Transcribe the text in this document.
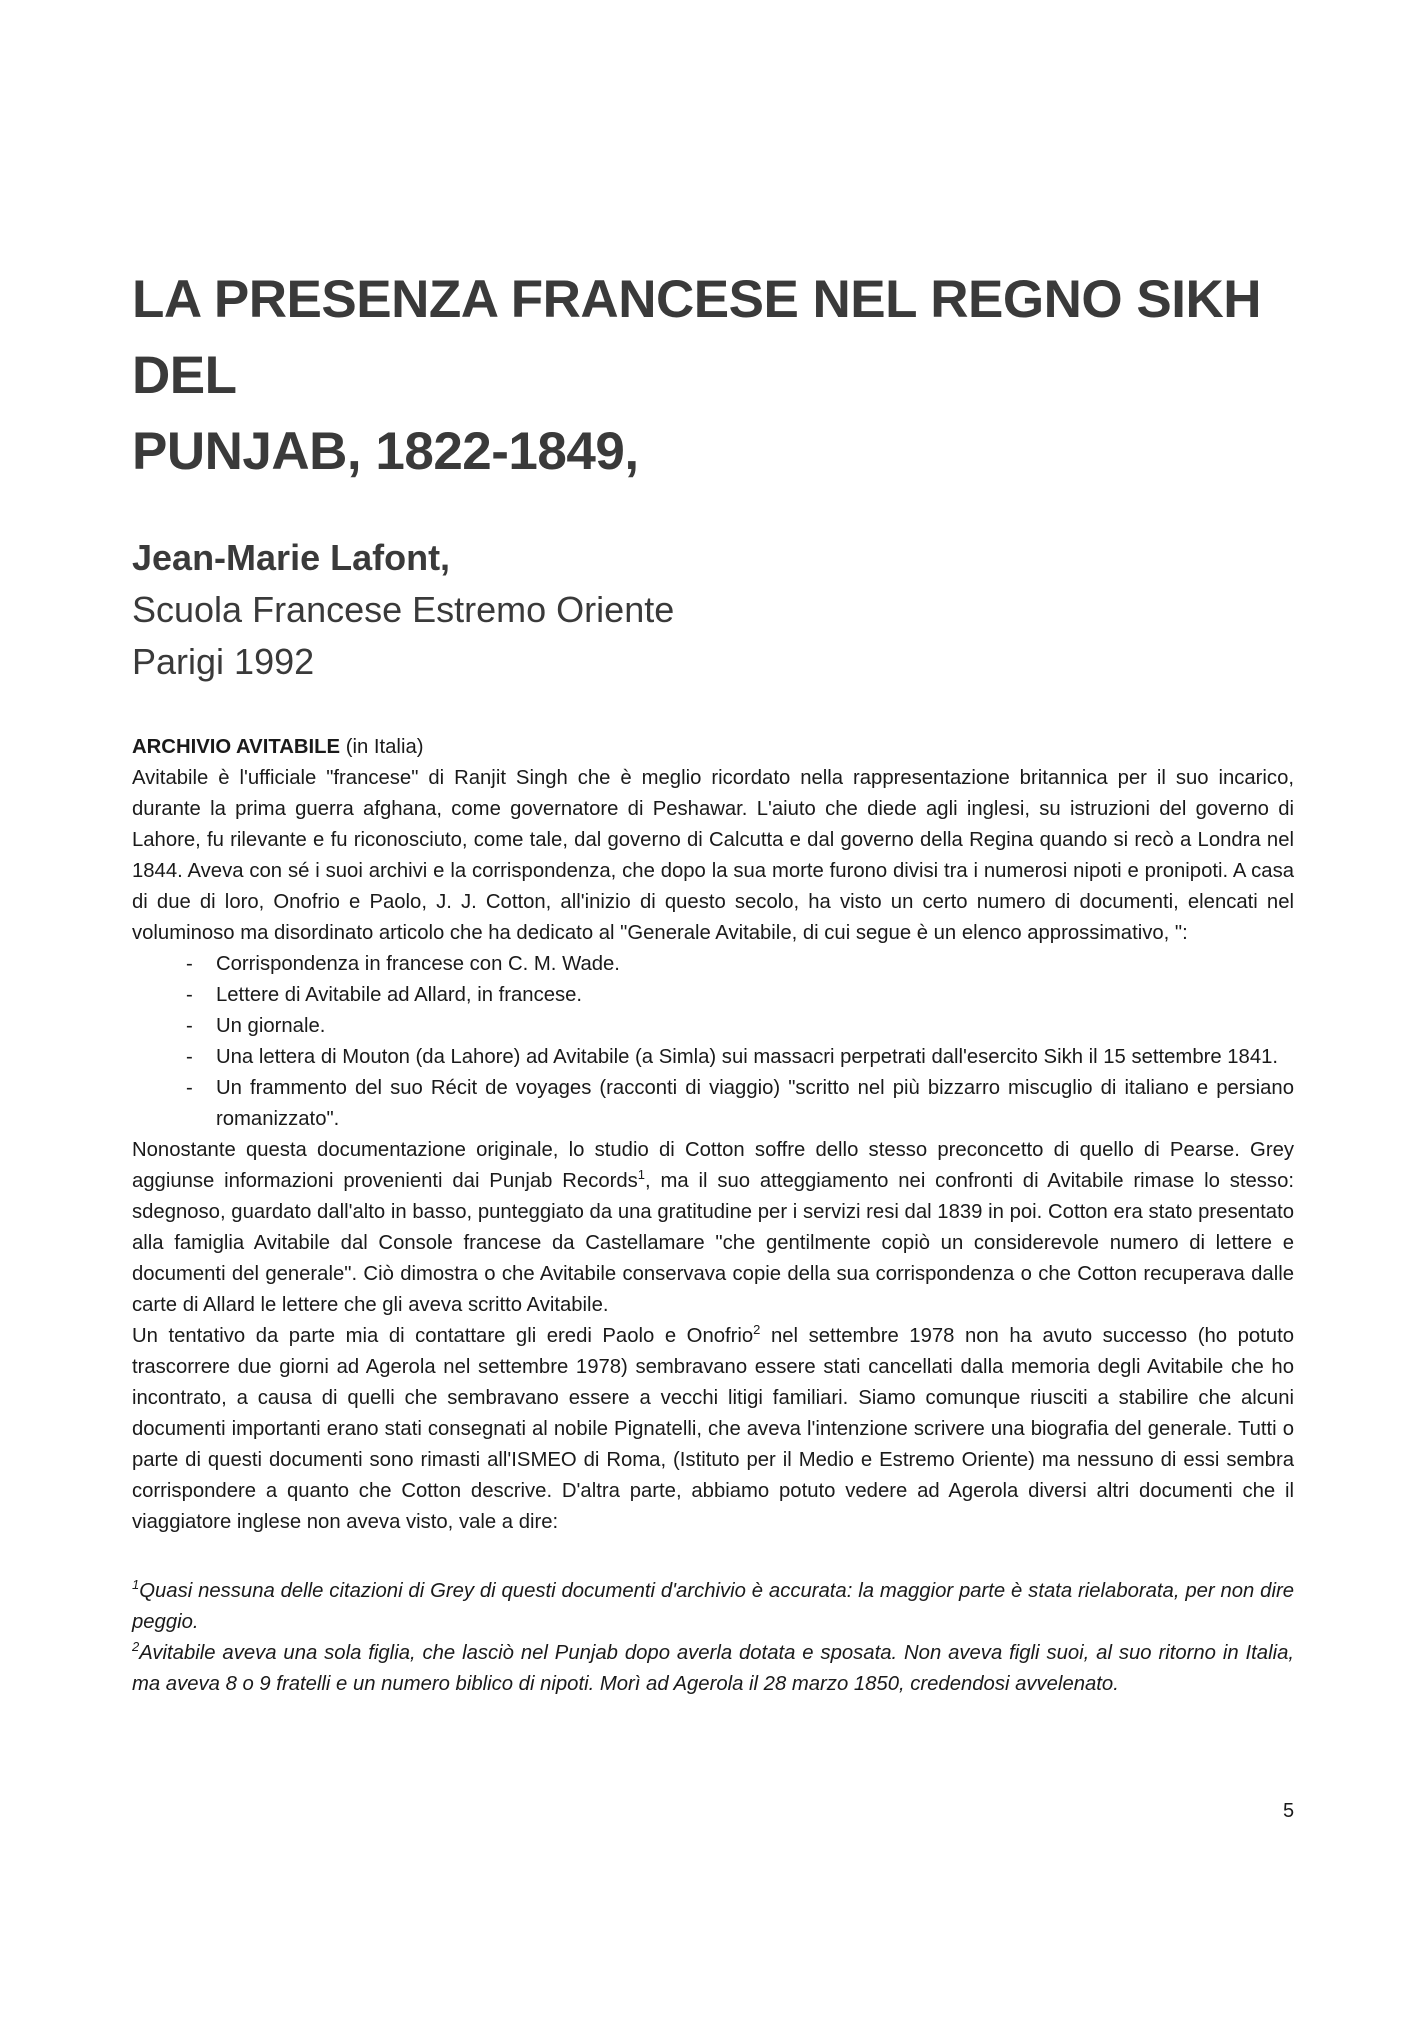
LA PRESENZA FRANCESE NEL REGNO SIKH DEL
PUNJAB, 1822-1849,

Jean-Marie Lafont,

Scuola Francese Estremo Oriente

Parigi 1992

ARCHIVIO AVITABILE (in Italia)

Avitabile è l'ufficiale "francese" di Ranjit Singh che è meglio ricordato nella rappresentazione britannica per il suo incarico, durante la prima guerra afghana, come governatore di Peshawar. L'aiuto che diede agli inglesi, su istruzioni del governo di Lahore, fu rilevante e fu riconosciuto, come tale, dal governo di Calcutta e dal governo della Regina quando si recò a Londra nel 1844. Aveva con sé i suoi archivi e la corrispondenza, che dopo la sua morte furono divisi tra i numerosi nipoti e pronipoti. A casa di due di loro, Onofrio e Paolo, J. J. Cotton, all'inizio di questo secolo, ha visto un certo numero di documenti, elencati nel voluminoso ma disordinato articolo che ha dedicato al "Generale Avitabile, di cui segue è un elenco approssimativo, ":

- Corrispondenza in francese con C. M. Wade.
- Lettere di Avitabile ad Allard, in francese.
- Un giornale.
- Una lettera di Mouton (da Lahore) ad Avitabile (a Simla) sui massacri perpetrati dall'esercito Sikh il 15 settembre 1841.
- Un frammento del suo Récit de voyages (racconti di viaggio) "scritto nel più bizzarro miscuglio di italiano e persiano romanizzato".

Nonostante questa documentazione originale, lo studio di Cotton soffre dello stesso preconcetto di quello di Pearse. Grey aggiunse informazioni provenienti dai Punjab Records$^1$, ma il suo atteggiamento nei confronti di Avitabile rimase lo stesso: sdegnoso, guardato dall'alto in basso, punteggiato da una gratitudine per i servizi resi dal 1839 in poi. Cotton era stato presentato alla famiglia Avitabile dal Console francese da Castellamare "che gentilmente copiò un considerevole numero di lettere e documenti del generale". Ciò dimostra o che Avitabile conservava copie della sua corrispondenza o che Cotton recuperava dalle carte di Allard le lettere che gli aveva scritto Avitabile.

Un tentativo da parte mia di contattare gli eredi Paolo e Onofrio$^2$ nel settembre 1978 non ha avuto successo (ho potuto trascorrere due giorni ad Agerola nel settembre 1978) sembravano essere stati cancellati dalla memoria degli Avitabile che ho incontrato, a causa di quelli che sembravano essere a vecchi litigi familiari. Siamo comunque riusciti a stabilire che alcuni documenti importanti erano stati consegnati al nobile Pignatelli, che aveva l'intenzione scrivere una biografia del generale. Tutti o parte di questi documenti sono rimasti all'ISMEO di Roma, (Istituto per il Medio e Estremo Oriente) ma nessuno di essi sembra corrispondere a quanto che Cotton descrive. D'altra parte, abbiamo potuto vedere ad Agerola diversi altri documenti che il viaggiatore inglese non aveva visto, vale a dire:

$^1$Quasi nessuna delle citazioni di Grey di questi documenti d'archivio è accurata: la maggior parte è stata rielaborata, per non dire peggio.

$^2$Avitabile aveva una sola figlia, che lasciò nel Punjab dopo averla dotata e sposata. Non aveva figli suoi, al suo ritorno in Italia, ma aveva 8 o 9 fratelli e un numero biblico di nipoti. Morì ad Agerola il 28 marzo 1850, credendosi avvelenato.

5
